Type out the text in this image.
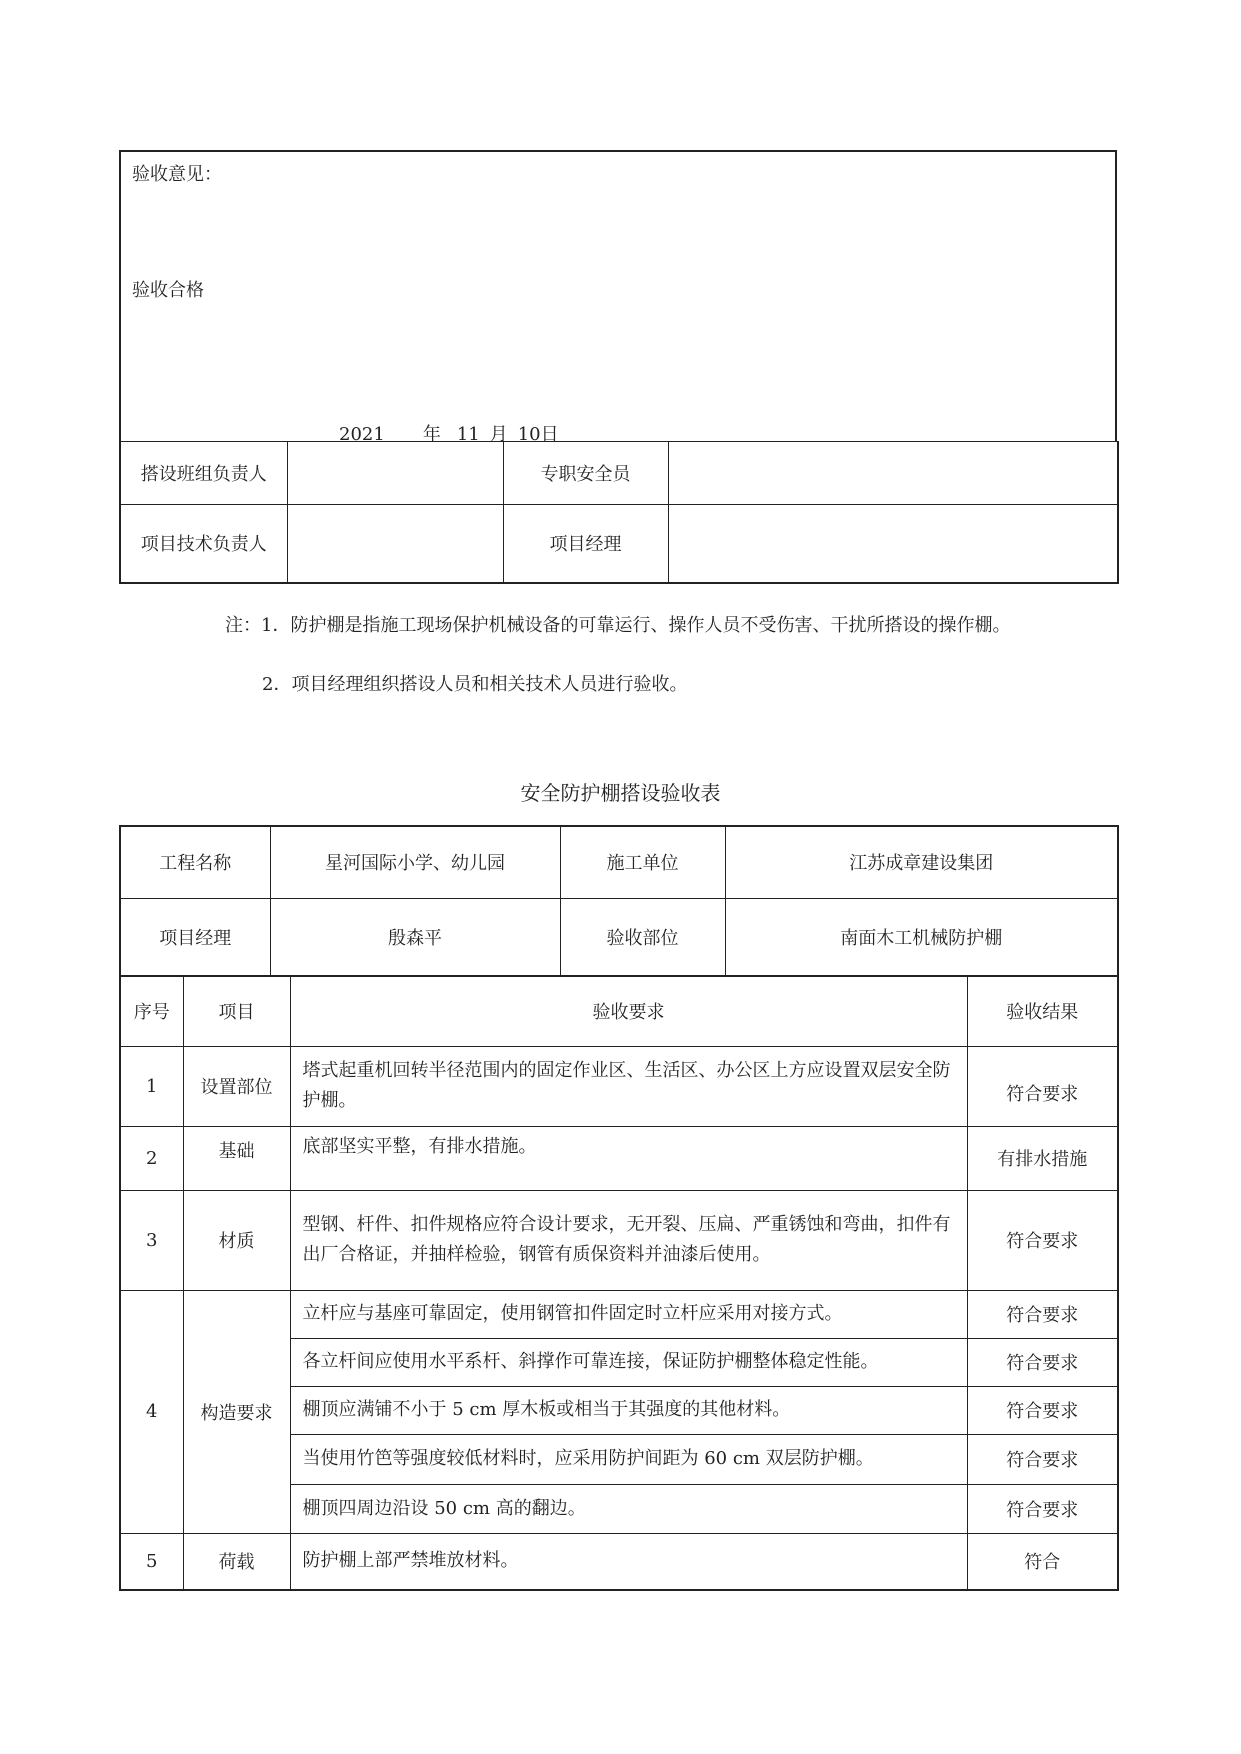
验收意见：
验收合格
2021 年 11 月 10日
搭设班组负责人		专职安全员	
项目技术负责人		项目经理	
注：1．防护棚是指施工现场保护机械设备的可靠运行、操作人员不受伤害、干扰所搭设的操作棚。
2．项目经理组织搭设人员和相关技术人员进行验收。
安全防护棚搭设验收表
工程名称	星河国际小学、幼儿园	施工单位	江苏成章建设集团
项目经理	殷森平	验收部位	南面木工机械防护棚
序号	项目	验收要求	验收结果
1	设置部位	塔式起重机回转半径范围内的固定作业区、生活区、办公区上方应设置双层安全防护棚。	符合要求
2	基础	底部坚实平整，有排水措施。	有排水措施
3	材质	型钢、杆件、扣件规格应符合设计要求，无开裂、压扁、严重锈蚀和弯曲，扣件有出厂合格证，并抽样检验，钢管有质保资料并油漆后使用。	符合要求
4	构造要求	立杆应与基座可靠固定，使用钢管扣件固定时立杆应采用对接方式。	符合要求
		各立杆间应使用水平系杆、斜撑作可靠连接，保证防护棚整体稳定性能。	符合要求
		棚顶应满铺不小于 5 cm 厚木板或相当于其强度的其他材料。	符合要求
		当使用竹笆等强度较低材料时，应采用防护间距为 60 cm 双层防护棚。	符合要求
		棚顶四周边沿设 50 cm 高的翻边。	符合要求
5	荷载	防护棚上部严禁堆放材料。	符合
